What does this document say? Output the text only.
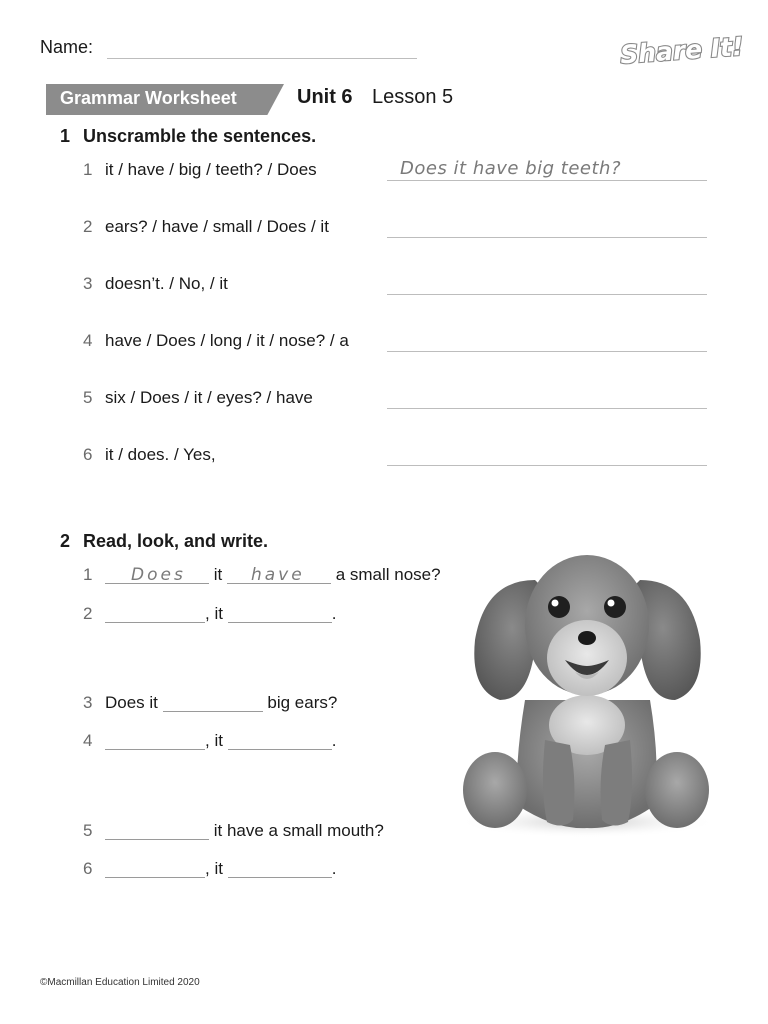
Name:	Share It!
Grammar Worksheet	Unit 6 Lesson 5
1 Unscramble the sentences.
1 it / have / big / teeth? / Does	Does it have big teeth?
2 ears? / have / small / Does / it
3 doesn’t. / No, / it
4 have / Does / long / it / nose? / a
5 six / Does / it / eyes? / have
6 it / does. / Yes,
2 Read, look, and write.
1 Does it have a small nose?
2	, it	.
3 Does it	big ears?
4	, it	.
5	it have a small mouth?
6	, it	.
©Macmillan Education Limited 2020
